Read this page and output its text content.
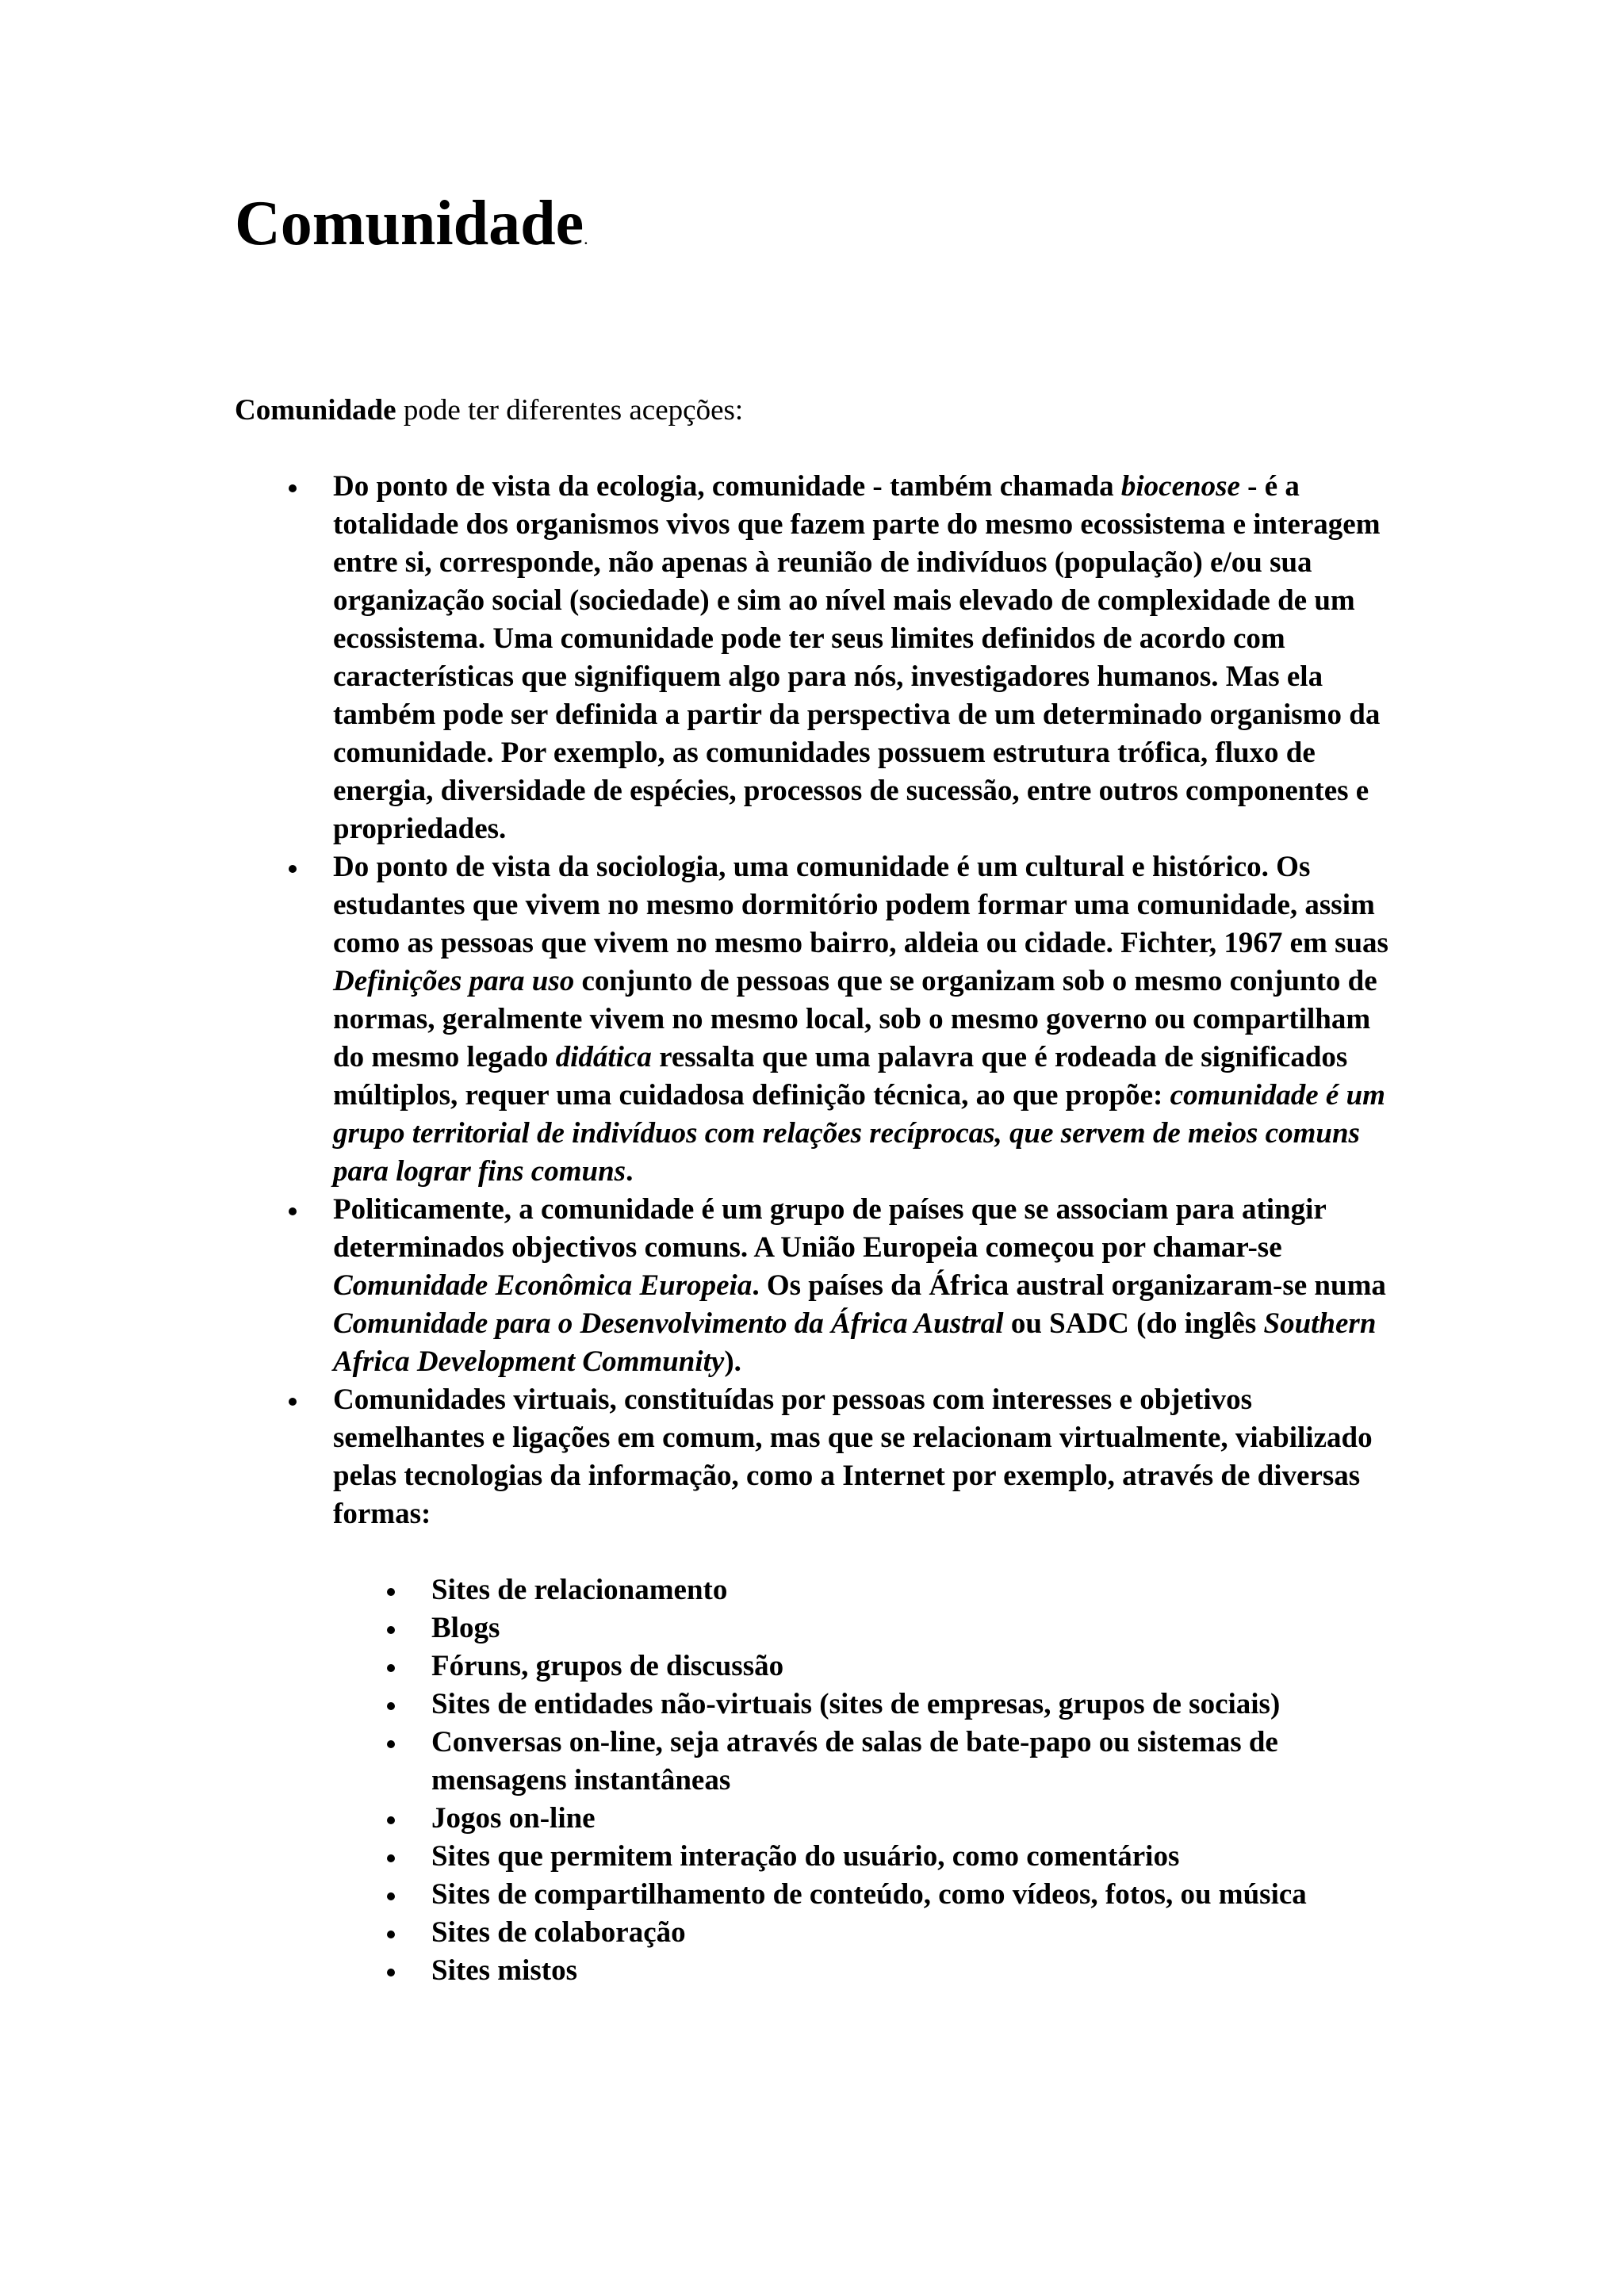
Comunidade.

Comunidade pode ter diferentes acepções:

Do ponto de vista da ecologia, comunidade - também chamada biocenose - é a totalidade dos organismos vivos que fazem parte do mesmo ecossistema e interagem entre si, corresponde, não apenas à reunião de indivíduos (população) e/ou sua organização social (sociedade) e sim ao nível mais elevado de complexidade de um ecossistema. Uma comunidade pode ter seus limites definidos de acordo com características que signifiquem algo para nós, investigadores humanos. Mas ela também pode ser definida a partir da perspectiva de um determinado organismo da comunidade. Por exemplo, as comunidades possuem estrutura trófica, fluxo de energia, diversidade de espécies, processos de sucessão, entre outros componentes e propriedades.
Do ponto de vista da sociologia, uma comunidade é um cultural e histórico. Os estudantes que vivem no mesmo dormitório podem formar uma comunidade, assim como as pessoas que vivem no mesmo bairro, aldeia ou cidade. Fichter, 1967 em suas Definições para uso conjunto de pessoas que se organizam sob o mesmo conjunto de normas, geralmente vivem no mesmo local, sob o mesmo governo ou compartilham do mesmo legado didática ressalta que uma palavra que é rodeada de significados múltiplos, requer uma cuidadosa definição técnica, ao que propõe: comunidade é um grupo territorial de indivíduos com relações recíprocas, que servem de meios comuns para lograr fins comuns.
Politicamente, a comunidade é um grupo de países que se associam para atingir determinados objectivos comuns. A União Europeia começou por chamar-se Comunidade Econômica Europeia. Os países da África austral organizaram-se numa Comunidade para o Desenvolvimento da África Austral ou SADC (do inglês Southern Africa Development Community).
Comunidades virtuais, constituídas por pessoas com interesses e objetivos semelhantes e ligações em comum, mas que se relacionam virtualmente, viabilizado pelas tecnologias da informação, como a Internet por exemplo, através de diversas formas:
Sites de relacionamento
Blogs
Fóruns, grupos de discussão
Sites de entidades não-virtuais (sites de empresas, grupos de sociais)
Conversas on-line, seja através de salas de bate-papo ou sistemas de mensagens instantâneas
Jogos on-line
Sites que permitem interação do usuário, como comentários
Sites de compartilhamento de conteúdo, como vídeos, fotos, ou música
Sites de colaboração
Sites mistos
